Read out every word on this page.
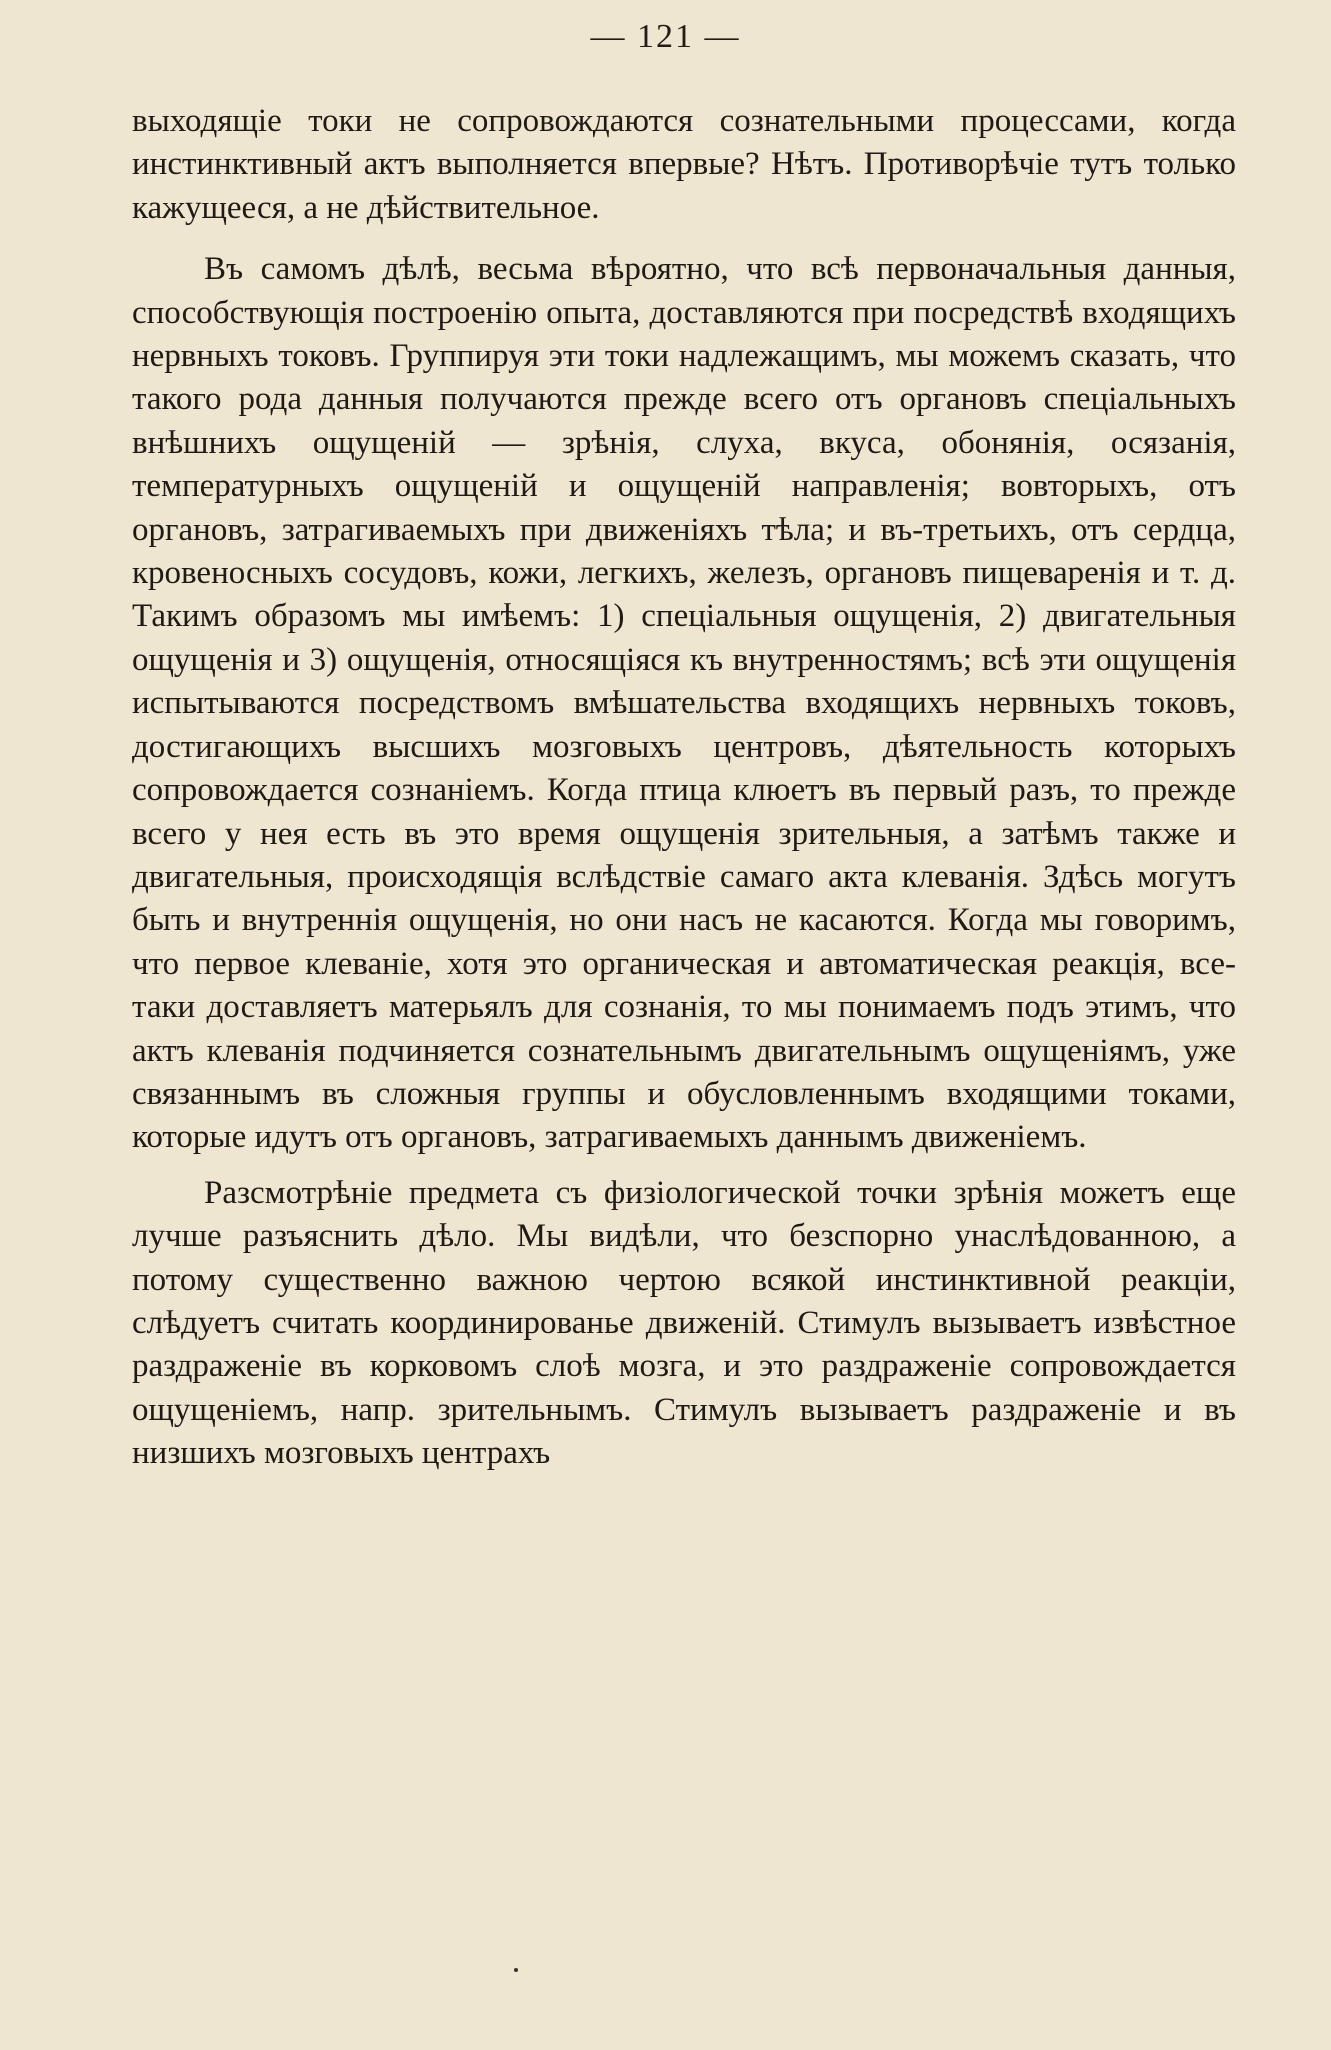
— 121 —

выходящіе токи не сопровождаются сознательными процессами, когда инстинктивный актъ выполняется впервые? Нѣтъ. Противорѣчіе тутъ только кажущееся, а не дѣйствительное.

Въ самомъ дѣлѣ, весьма вѣроятно, что всѣ первоначальныя данныя, способствующія построенію опыта, доставляются при посредствѣ входящихъ нервныхъ токовъ. Группируя эти токи надлежащимъ, мы можемъ сказать, что такого рода данныя получаются прежде всего отъ органовъ спеціальныхъ внѣшнихъ ощущеній — зрѣнія, слуха, вкуса, обонянія, осязанія, температурныхъ ощущеній и ощущеній направленія; вовторыхъ, отъ органовъ, затрагиваемыхъ при движеніяхъ тѣла; и въ-третьихъ, отъ сердца, кровеносныхъ сосудовъ, кожи, легкихъ, железъ, органовъ пищеваренія и т. д. Такимъ образомъ мы имѣемъ: 1) спеціальныя ощущенія, 2) двигательныя ощущенія и 3) ощущенія, относящіяся къ внутренностямъ; всѣ эти ощущенія испытываются посредствомъ вмѣшательства входящихъ нервныхъ токовъ, достигающихъ высшихъ мозговыхъ центровъ, дѣятельность которыхъ сопровождается сознаніемъ. Когда птица клюетъ въ первый разъ, то прежде всего у нея есть въ это время ощущенія зрительныя, а затѣмъ также и двигательныя, происходящія вслѣдствіе самаго акта клеванія. Здѣсь могутъ быть и внутреннія ощущенія, но они насъ не касаются. Когда мы говоримъ, что первое клеваніе, хотя это органическая и автоматическая реакція, все-таки доставляетъ матерьялъ для сознанія, то мы понимаемъ подъ этимъ, что актъ клеванія подчиняется сознательнымъ двигательнымъ ощущеніямъ, уже связаннымъ въ сложныя группы и обусловленнымъ входящими токами, которые идутъ отъ органовъ, затрагиваемыхъ даннымъ движеніемъ.

Разсмотрѣніе предмета съ физіологической точки зрѣнія можетъ еще лучше разъяснить дѣло. Мы видѣли, что безспорно унаслѣдованною, а потому существенно важною чертою всякой инстинктивной реакціи, слѣдуетъ считать координированье движеній. Стимулъ вызываетъ извѣстное раздраженіе въ корковомъ слоѣ мозга, и это раздраженіе сопровождается ощущеніемъ, напр. зрительнымъ. Стимулъ вызываетъ раздраженіе и въ низшихъ мозговыхъ центрахъ
